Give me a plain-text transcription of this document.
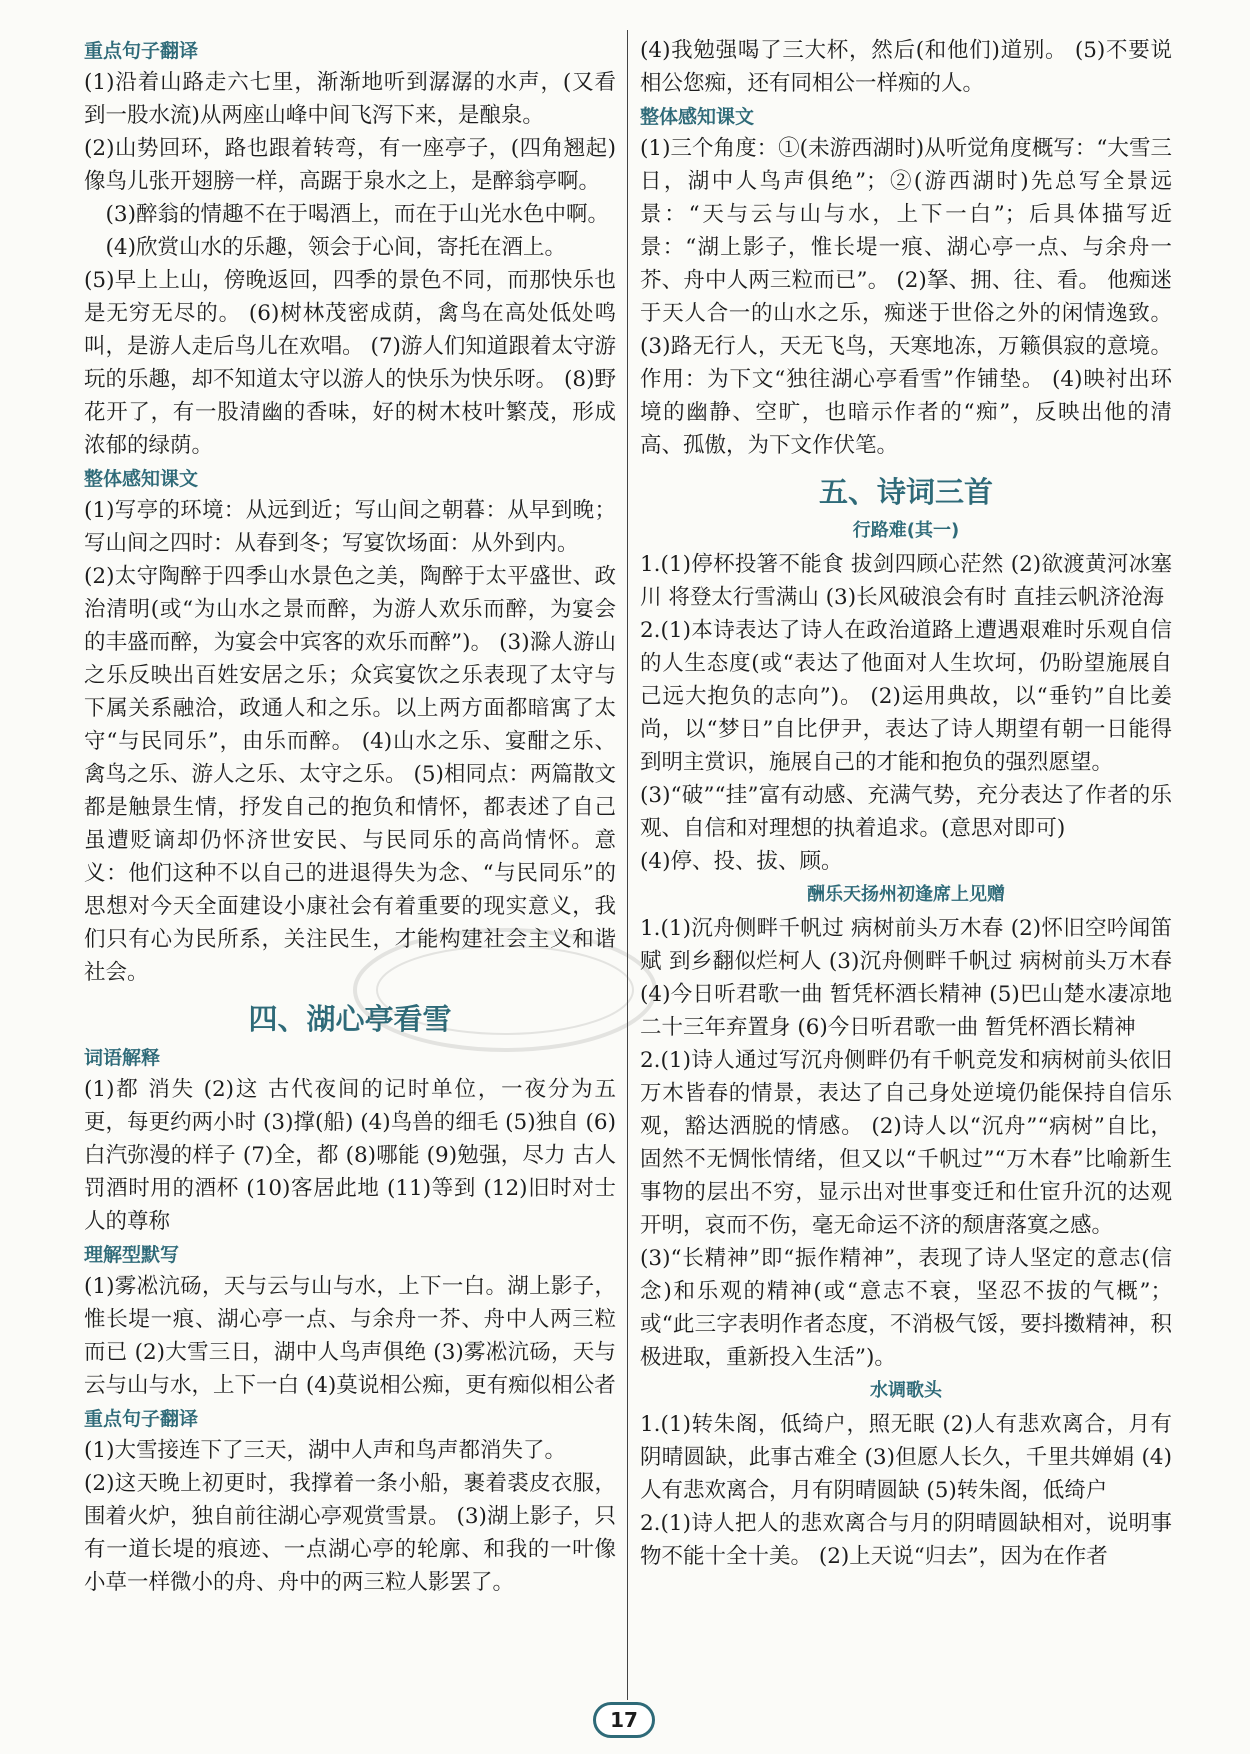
重点句子翻译

(1)沿着山路走六七里，渐渐地听到潺潺的水声，(又看到一股水流)从两座山峰中间飞泻下来，是酿泉。

(2)山势回环，路也跟着转弯，有一座亭子，(四角翘起)像鸟儿张开翅膀一样，高踞于泉水之上，是醉翁亭啊。

(3)醉翁的情趣不在于喝酒上，而在于山光水色中啊。

(4)欣赏山水的乐趣，领会于心间，寄托在酒上。

(5)早上上山，傍晚返回，四季的景色不同，而那快乐也是无穷无尽的。 (6)树林茂密成荫，禽鸟在高处低处鸣叫，是游人走后鸟儿在欢唱。 (7)游人们知道跟着太守游玩的乐趣，却不知道太守以游人的快乐为快乐呀。 (8)野花开了，有一股清幽的香味，好的树木枝叶繁茂，形成浓郁的绿荫。

整体感知课文

(1)写亭的环境：从远到近；写山间之朝暮：从早到晚；写山间之四时：从春到冬；写宴饮场面：从外到内。

(2)太守陶醉于四季山水景色之美，陶醉于太平盛世、政治清明(或“为山水之景而醉，为游人欢乐而醉，为宴会的丰盛而醉，为宴会中宾客的欢乐而醉”)。 (3)滁人游山之乐反映出百姓安居之乐；众宾宴饮之乐表现了太守与下属关系融洽，政通人和之乐。以上两方面都暗寓了太守“与民同乐”，由乐而醉。 (4)山水之乐、宴酣之乐、禽鸟之乐、游人之乐、太守之乐。 (5)相同点：两篇散文都是触景生情，抒发自己的抱负和情怀，都表述了自己虽遭贬谪却仍怀济世安民、与民同乐的高尚情怀。意义：他们这种不以自己的进退得失为念、“与民同乐”的思想对今天全面建设小康社会有着重要的现实意义，我们只有心为民所系，关注民生，才能构建社会主义和谐社会。

四、湖心亭看雪
词语解释

(1)都 消失 (2)这 古代夜间的记时单位，一夜分为五更，每更约两小时 (3)撑(船) (4)鸟兽的细毛 (5)独自 (6)白汽弥漫的样子 (7)全，都 (8)哪能 (9)勉强，尽力 古人罚酒时用的酒杯 (10)客居此地 (11)等到 (12)旧时对士人的尊称

理解型默写

(1)雾凇沆砀，天与云与山与水，上下一白。湖上影子，惟长堤一痕、湖心亭一点、与余舟一芥、舟中人两三粒而已 (2)大雪三日，湖中人鸟声俱绝 (3)雾凇沆砀，天与云与山与水，上下一白 (4)莫说相公痴，更有痴似相公者

重点句子翻译

(1)大雪接连下了三天，湖中人声和鸟声都消失了。

(2)这天晚上初更时，我撑着一条小船，裹着裘皮衣服，围着火炉，独自前往湖心亭观赏雪景。 (3)湖上影子，只有一道长堤的痕迹、一点湖心亭的轮廓、和我的一叶像小草一样微小的舟、舟中的两三粒人影罢了。

(4)我勉强喝了三大杯，然后(和他们)道别。 (5)不要说相公您痴，还有同相公一样痴的人。

整体感知课文

(1)三个角度：①(未游西湖时)从听觉角度概写：“大雪三日，湖中人鸟声俱绝”；②(游西湖时)先总写全景远景：“天与云与山与水，上下一白”；后具体描写近景：“湖上影子，惟长堤一痕、湖心亭一点、与余舟一芥、舟中人两三粒而已”。 (2)拏、拥、往、看。 他痴迷于天人合一的山水之乐，痴迷于世俗之外的闲情逸致。 (3)路无行人，天无飞鸟，天寒地冻，万籁俱寂的意境。作用：为下文“独往湖心亭看雪”作铺垫。 (4)映衬出环境的幽静、空旷，也暗示作者的“痴”，反映出他的清高、孤傲，为下文作伏笔。

五、诗词三首
行路难(其一)

1.(1)停杯投箸不能食 拔剑四顾心茫然 (2)欲渡黄河冰塞川 将登太行雪满山 (3)长风破浪会有时 直挂云帆济沧海

2.(1)本诗表达了诗人在政治道路上遭遇艰难时乐观自信的人生态度(或“表达了他面对人生坎坷，仍盼望施展自己远大抱负的志向”)。 (2)运用典故，以“垂钓”自比姜尚，以“梦日”自比伊尹，表达了诗人期望有朝一日能得到明主赏识，施展自己的才能和抱负的强烈愿望。

(3)“破”“挂”富有动感、充满气势，充分表达了作者的乐观、自信和对理想的执着追求。(意思对即可)

(4)停、投、拔、顾。

酬乐天扬州初逢席上见赠

1.(1)沉舟侧畔千帆过 病树前头万木春 (2)怀旧空吟闻笛赋 到乡翻似烂柯人 (3)沉舟侧畔千帆过 病树前头万木春 (4)今日听君歌一曲 暂凭杯酒长精神 (5)巴山楚水凄凉地 二十三年弃置身 (6)今日听君歌一曲 暂凭杯酒长精神

2.(1)诗人通过写沉舟侧畔仍有千帆竞发和病树前头依旧万木皆春的情景，表达了自己身处逆境仍能保持自信乐观，豁达洒脱的情感。 (2)诗人以“沉舟”“病树”自比，固然不无惆怅情绪，但又以“千帆过”“万木春”比喻新生事物的层出不穷，显示出对世事变迁和仕宦升沉的达观开明，哀而不伤，毫无命运不济的颓唐落寞之感。

(3)“长精神”即“振作精神”，表现了诗人坚定的意志(信念)和乐观的精神(或“意志不衰，坚忍不拔的气概”；或“此三字表明作者态度，不消极气馁，要抖擞精神，积极进取，重新投入生活”)。

水调歌头

1.(1)转朱阁，低绮户，照无眠 (2)人有悲欢离合，月有阴晴圆缺，此事古难全 (3)但愿人长久，千里共婵娟 (4)人有悲欢离合，月有阴晴圆缺 (5)转朱阁，低绮户

2.(1)诗人把人的悲欢离合与月的阴晴圆缺相对，说明事物不能十全十美。 (2)上天说“归去”，因为在作者

17
